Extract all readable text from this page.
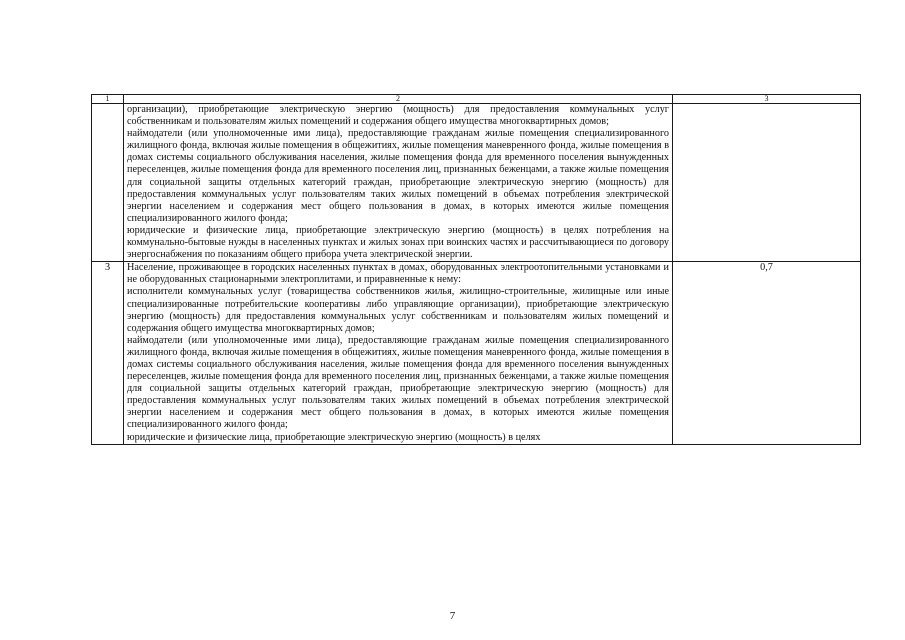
1	2	3

	организации), приобретающие электрическую энергию (мощность) для предоставления коммунальных услуг собственникам и пользователям жилых помещений и содержания общего имущества многоквартирных домов;

наймодатели (или уполномоченные ими лица), предоставляющие гражданам жилые помещения специализированного жилищного фонда, включая жилые помещения в общежитиях, жилые помещения маневренного фонда, жилые помещения в домах системы социального обслуживания населения, жилые помещения фонда для временного поселения вынужденных переселенцев, жилые помещения фонда для временного поселения лиц, признанных беженцами, а также жилые помещения для социальной защиты отдельных категорий граждан, приобретающие электрическую энергию (мощность) для предоставления коммунальных услуг пользователям таких жилых помещений в объемах потребления электрической энергии населением и содержания мест общего пользования в домах, в которых имеются жилые помещения специализированного жилого фонда;

юридические и физические лица, приобретающие электрическую энергию (мощность) в целях потребления на коммунально-бытовые нужды в населенных пунктах и жилых зонах при воинских частях и рассчитывающиеся по договору энергоснабжения по показаниям общего прибора учета электрической энергии.	

3	Население, проживающее в городских населенных пунктах в домах, оборудованных электроотопительными установками и не оборудованных стационарными электроплитами, и приравненные к нему:

исполнители коммунальных услуг (товарищества собственников жилья, жилищно-строительные, жилищные или иные специализированные потребительские кооперативы либо управляющие организации), приобретающие электрическую энергию (мощность) для предоставления коммунальных услуг собственникам и пользователям жилых помещений и содержания общего имущества многоквартирных домов;

наймодатели (или уполномоченные ими лица), предоставляющие гражданам жилые помещения специализированного жилищного фонда, включая жилые помещения в общежитиях, жилые помещения маневренного фонда, жилые помещения в домах системы социального обслуживания населения, жилые помещения фонда для временного поселения вынужденных переселенцев, жилые помещения фонда для временного поселения лиц, признанных беженцами, а также жилые помещения для социальной защиты отдельных категорий граждан, приобретающие электрическую энергию (мощность) для предоставления коммунальных услуг пользователям таких жилых помещений в объемах потребления электрической энергии населением и содержания мест общего пользования в домах, в которых имеются жилые помещения специализированного жилого фонда;

юридические и физические лица, приобретающие электрическую энергию (мощность) в целях	0,7
7
